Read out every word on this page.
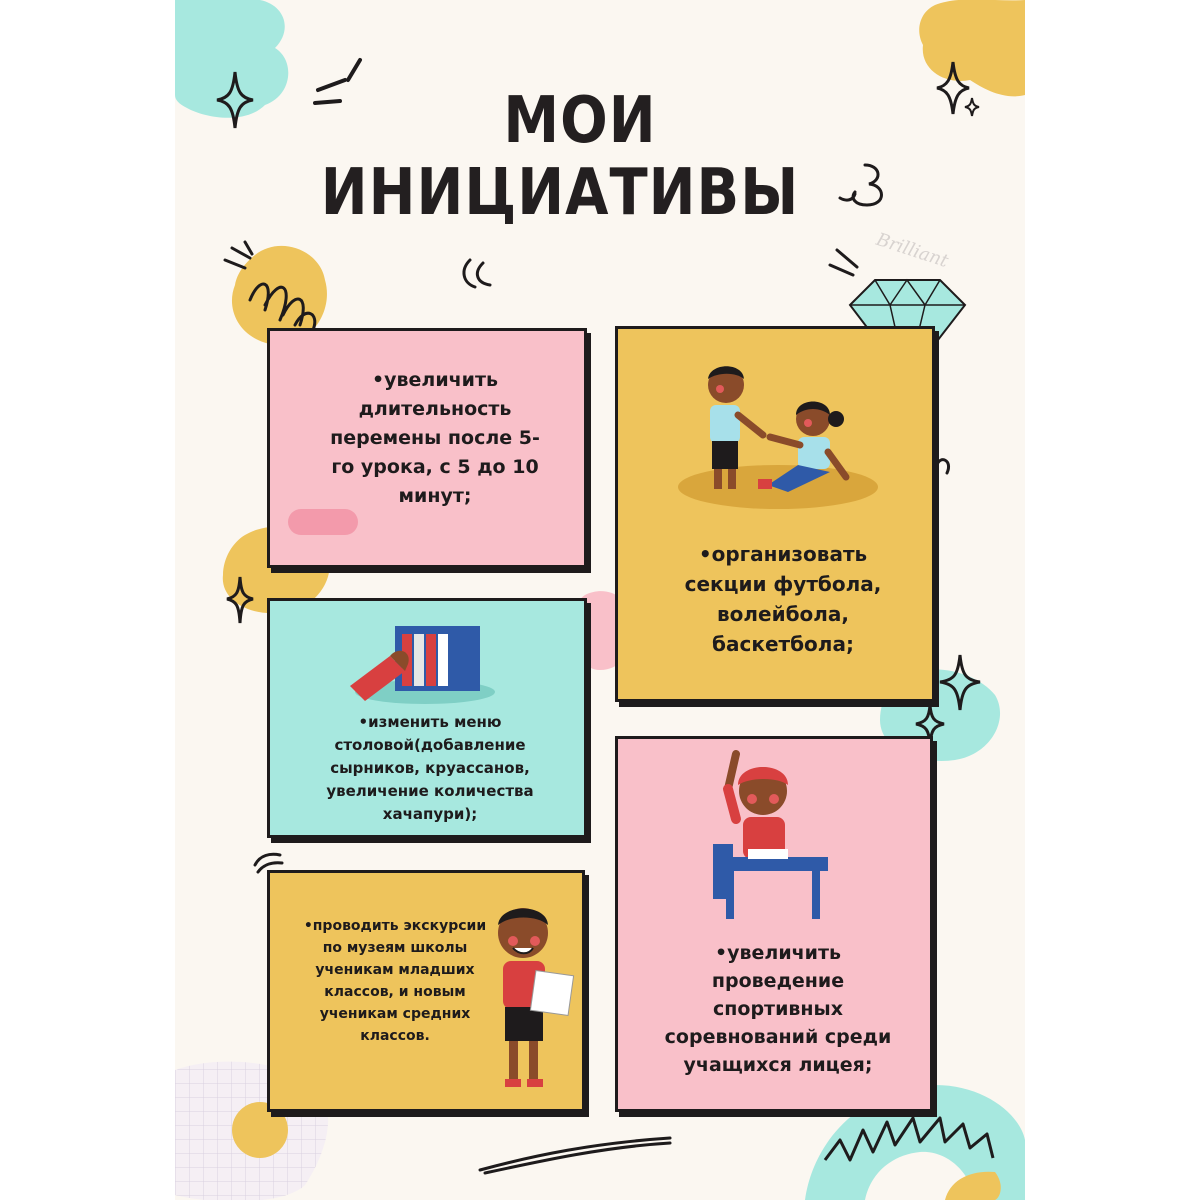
Brilliant
МОИ
ИНИЦИАТИВЫ
•увеличить длительность перемены после 5-го урока, с 5 до 10 минут;
•организовать секции футбола, волейбола, баскетбола;
•изменить меню столовой(добавление сырников, круассанов, увеличение количества хачапури);
•проводить экскурсии по музеям школы ученикам младших классов, и новым ученикам средних классов.
•увеличить проведение спортивных соревнований среди учащихся лицея;
